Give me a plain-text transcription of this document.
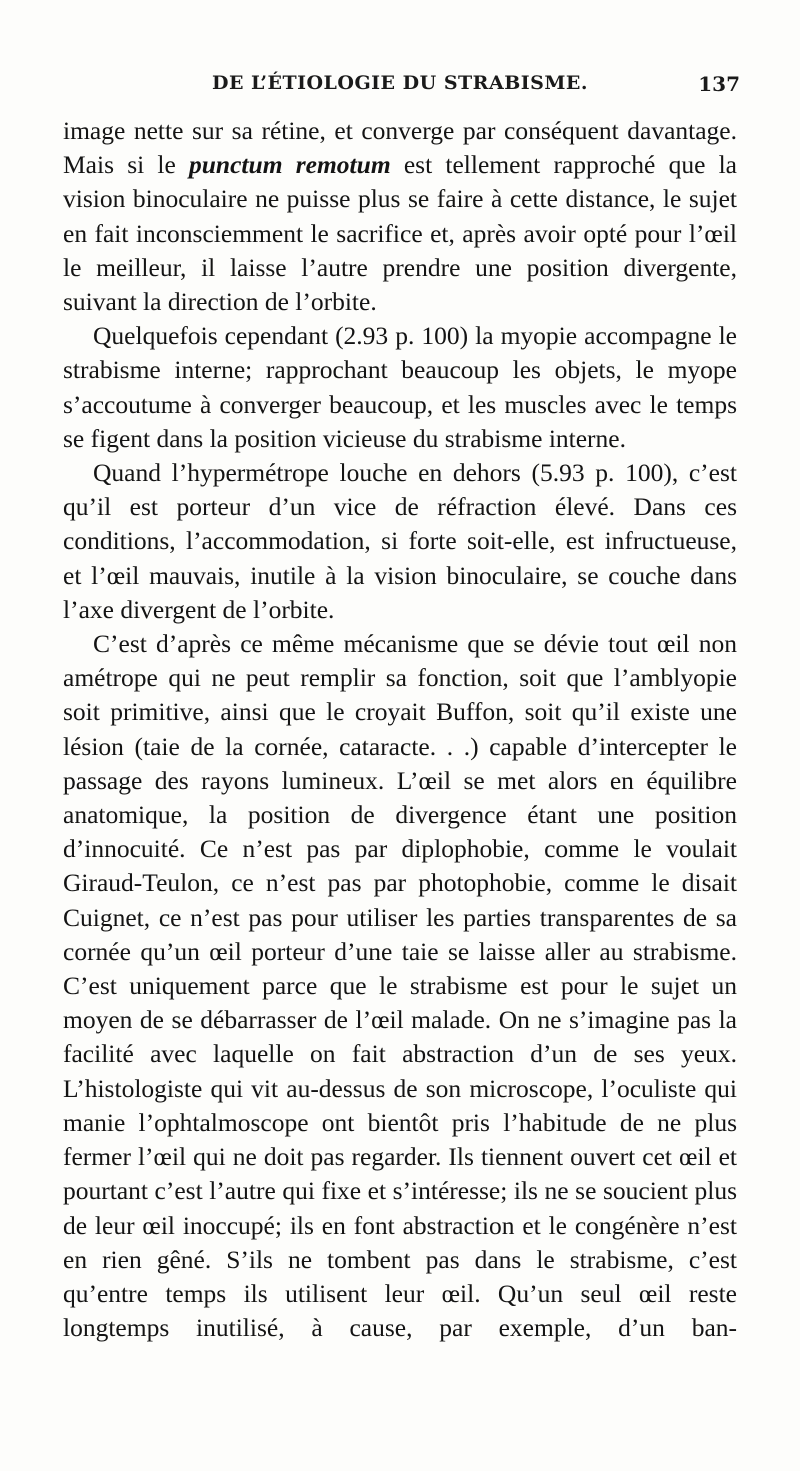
DE L’ÉTIOLOGIE DU STRABISME.	137

image nette sur sa rétine, et converge par conséquent davantage. Mais si le punctum remotum est tellement rapproché que la vision binoculaire ne puisse plus se faire à cette distance, le sujet en fait inconsciemment le sacrifice et, après avoir opté pour l’œil le meilleur, il laisse l’autre prendre une position divergente, suivant la direction de l’orbite.

Quelquefois cependant (2.93 p. 100) la myopie accompagne le strabisme interne; rapprochant beaucoup les objets, le myope s’accoutume à converger beaucoup, et les muscles avec le temps se figent dans la position vicieuse du strabisme interne.

Quand l’hypermétrope louche en dehors (5.93 p. 100), c’est qu’il est porteur d’un vice de réfraction élevé. Dans ces conditions, l’accommodation, si forte soit-elle, est infructueuse, et l’œil mauvais, inutile à la vision binoculaire, se couche dans l’axe divergent de l’orbite.

C’est d’après ce même mécanisme que se dévie tout œil non amétrope qui ne peut remplir sa fonction, soit que l’amblyopie soit primitive, ainsi que le croyait Buffon, soit qu’il existe une lésion (taie de la cornée, cataracte. . .) capable d’intercepter le passage des rayons lumineux. L’œil se met alors en équilibre anatomique, la position de divergence étant une position d’innocuité. Ce n’est pas par diplophobie, comme le voulait Giraud-Teulon, ce n’est pas par photophobie, comme le disait Cuignet, ce n’est pas pour utiliser les parties transparentes de sa cornée qu’un œil porteur d’une taie se laisse aller au strabisme. C’est uniquement parce que le strabisme est pour le sujet un moyen de se débarrasser de l’œil malade. On ne s’imagine pas la facilité avec laquelle on fait abstraction d’un de ses yeux. L’histologiste qui vit au-dessus de son microscope, l’oculiste qui manie l’ophtalmoscope ont bientôt pris l’habitude de ne plus fermer l’œil qui ne doit pas regarder. Ils tiennent ouvert cet œil et pourtant c’est l’autre qui fixe et s’intéresse; ils ne se soucient plus de leur œil inoccupé; ils en font abstraction et le congénère n’est en rien gêné. S’ils ne tombent pas dans le strabisme, c’est qu’entre temps ils utilisent leur œil. Qu’un seul œil reste longtemps inutilisé, à cause, par exemple, d’un ban-
